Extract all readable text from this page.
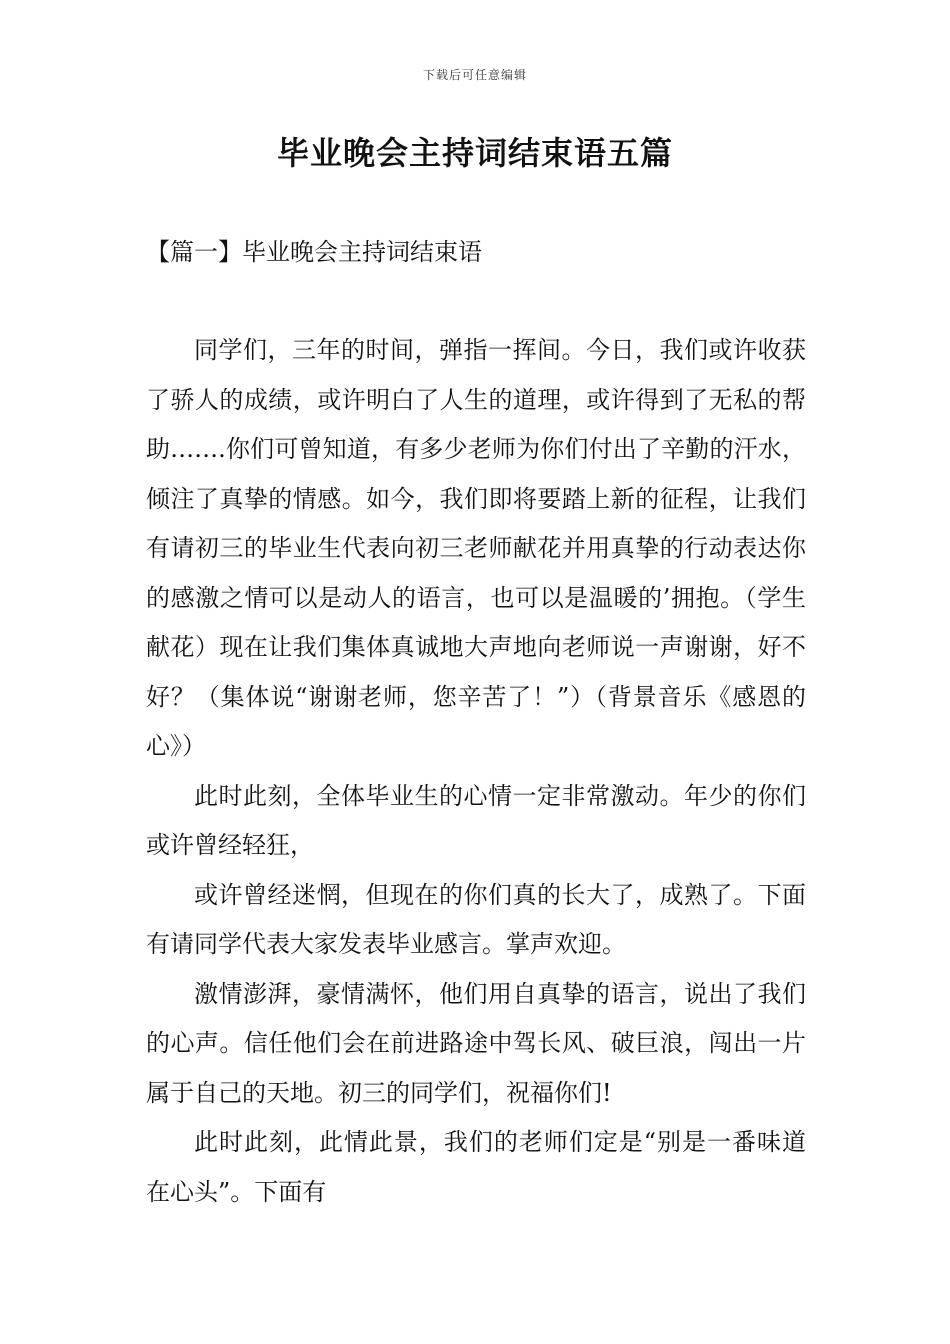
下载后可任意编辑
毕业晚会主持词结束语五篇
【篇一】毕业晚会主持词结束语

同学们，三年的时间，弹指一挥间。今日，我们或许收获了骄人的成绩，或许明白了人生的道理，或许得到了无私的帮助…….你们可曾知道，有多少老师为你们付出了辛勤的汗水，倾注了真挚的情感。如今，我们即将要踏上新的征程，让我们有请初三的毕业生代表向初三老师献花并用真挚的行动表达你的感激之情可以是动人的语言，也可以是温暖的’拥抱。（学生献花）现在让我们集体真诚地大声地向老师说一声谢谢，好不好？（集体说“谢谢老师，您辛苦了！”）（背景音乐《感恩的心》）

此时此刻，全体毕业生的心情一定非常激动。年少的你们或许曾经轻狂，

或许曾经迷惘，但现在的你们真的长大了，成熟了。下面有请同学代表大家发表毕业感言。掌声欢迎。

激情澎湃，豪情满怀，他们用自真挚的语言，说出了我们的心声。信任他们会在前进路途中驾长风、破巨浪，闯出一片属于自己的天地。初三的同学们，祝福你们!

此时此刻，此情此景，我们的老师们定是“别是一番味道在心头”。下面有
